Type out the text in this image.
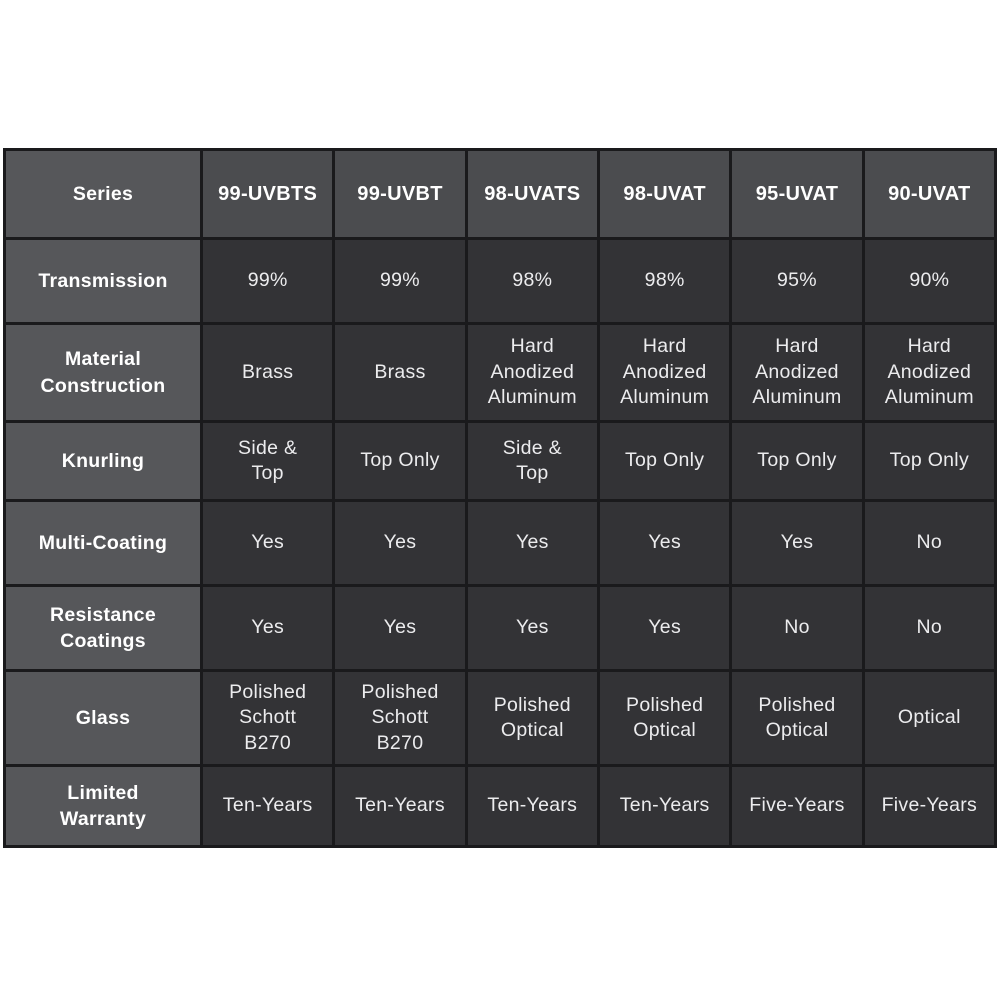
Series	99-UVBTS	99-UVBT	98-UVATS	98-UVAT	95-UVAT	90-UVAT
Transmission	99%	99%	98%	98%	95%	90%
Material
Construction	Brass	Brass	Hard
Anodized
Aluminum	Hard
Anodized
Aluminum	Hard
Anodized
Aluminum	Hard
Anodized
Aluminum
Knurling	Side &
Top	Top Only	Side &
Top	Top Only	Top Only	Top Only
Multi-Coating	Yes	Yes	Yes	Yes	Yes	No
Resistance
Coatings	Yes	Yes	Yes	Yes	No	No
Glass	Polished
Schott
B270	Polished
Schott
B270	Polished
Optical	Polished
Optical	Polished
Optical	Optical
Limited
Warranty	Ten-Years	Ten-Years	Ten-Years	Ten-Years	Five-Years	Five-Years
